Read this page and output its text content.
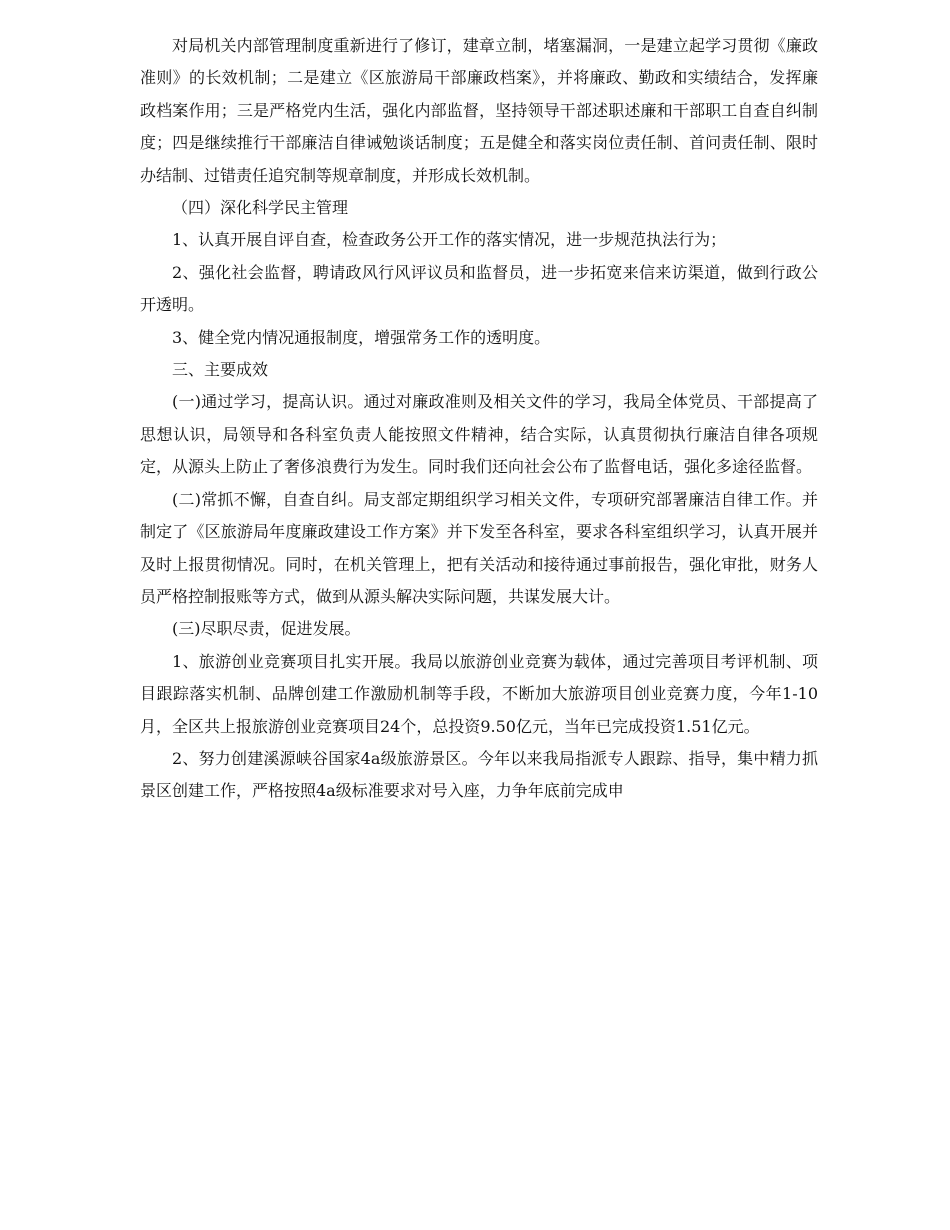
对局机关内部管理制度重新进行了修订，建章立制，堵塞漏洞，一是建立起学习贯彻《廉政准则》的长效机制；二是建立《区旅游局干部廉政档案》，并将廉政、勤政和实绩结合，发挥廉政档案作用；三是严格党内生活，强化内部监督，坚持领导干部述职述廉和干部职工自查自纠制度；四是继续推行干部廉洁自律诫勉谈话制度；五是健全和落实岗位责任制、首问责任制、限时办结制、过错责任追究制等规章制度，并形成长效机制。

（四）深化科学民主管理

1、认真开展自评自查，检查政务公开工作的落实情况，进一步规范执法行为；

2、强化社会监督，聘请政风行风评议员和监督员，进一步拓宽来信来访渠道，做到行政公开透明。

3、健全党内情况通报制度，增强常务工作的透明度。

三、主要成效

(一)通过学习，提高认识。通过对廉政准则及相关文件的学习，我局全体党员、干部提高了思想认识，局领导和各科室负责人能按照文件精神，结合实际，认真贯彻执行廉洁自律各项规定，从源头上防止了奢侈浪费行为发生。同时我们还向社会公布了监督电话，强化多途径监督。

(二)常抓不懈，自查自纠。局支部定期组织学习相关文件，专项研究部署廉洁自律工作。并制定了《区旅游局年度廉政建设工作方案》并下发至各科室，要求各科室组织学习，认真开展并及时上报贯彻情况。同时，在机关管理上，把有关活动和接待通过事前报告，强化审批，财务人员严格控制报账等方式，做到从源头解决实际问题，共谋发展大计。

(三)尽职尽责，促进发展。

1、旅游创业竞赛项目扎实开展。我局以旅游创业竞赛为载体，通过完善项目考评机制、项目跟踪落实机制、品牌创建工作激励机制等手段，不断加大旅游项目创业竞赛力度，今年1-10月，全区共上报旅游创业竞赛项目24个，总投资9.50亿元，当年已完成投资1.51亿元。

2、努力创建溪源峡谷国家4a级旅游景区。今年以来我局指派专人跟踪、指导，集中精力抓景区创建工作，严格按照4a级标准要求对号入座，力争年底前完成申
